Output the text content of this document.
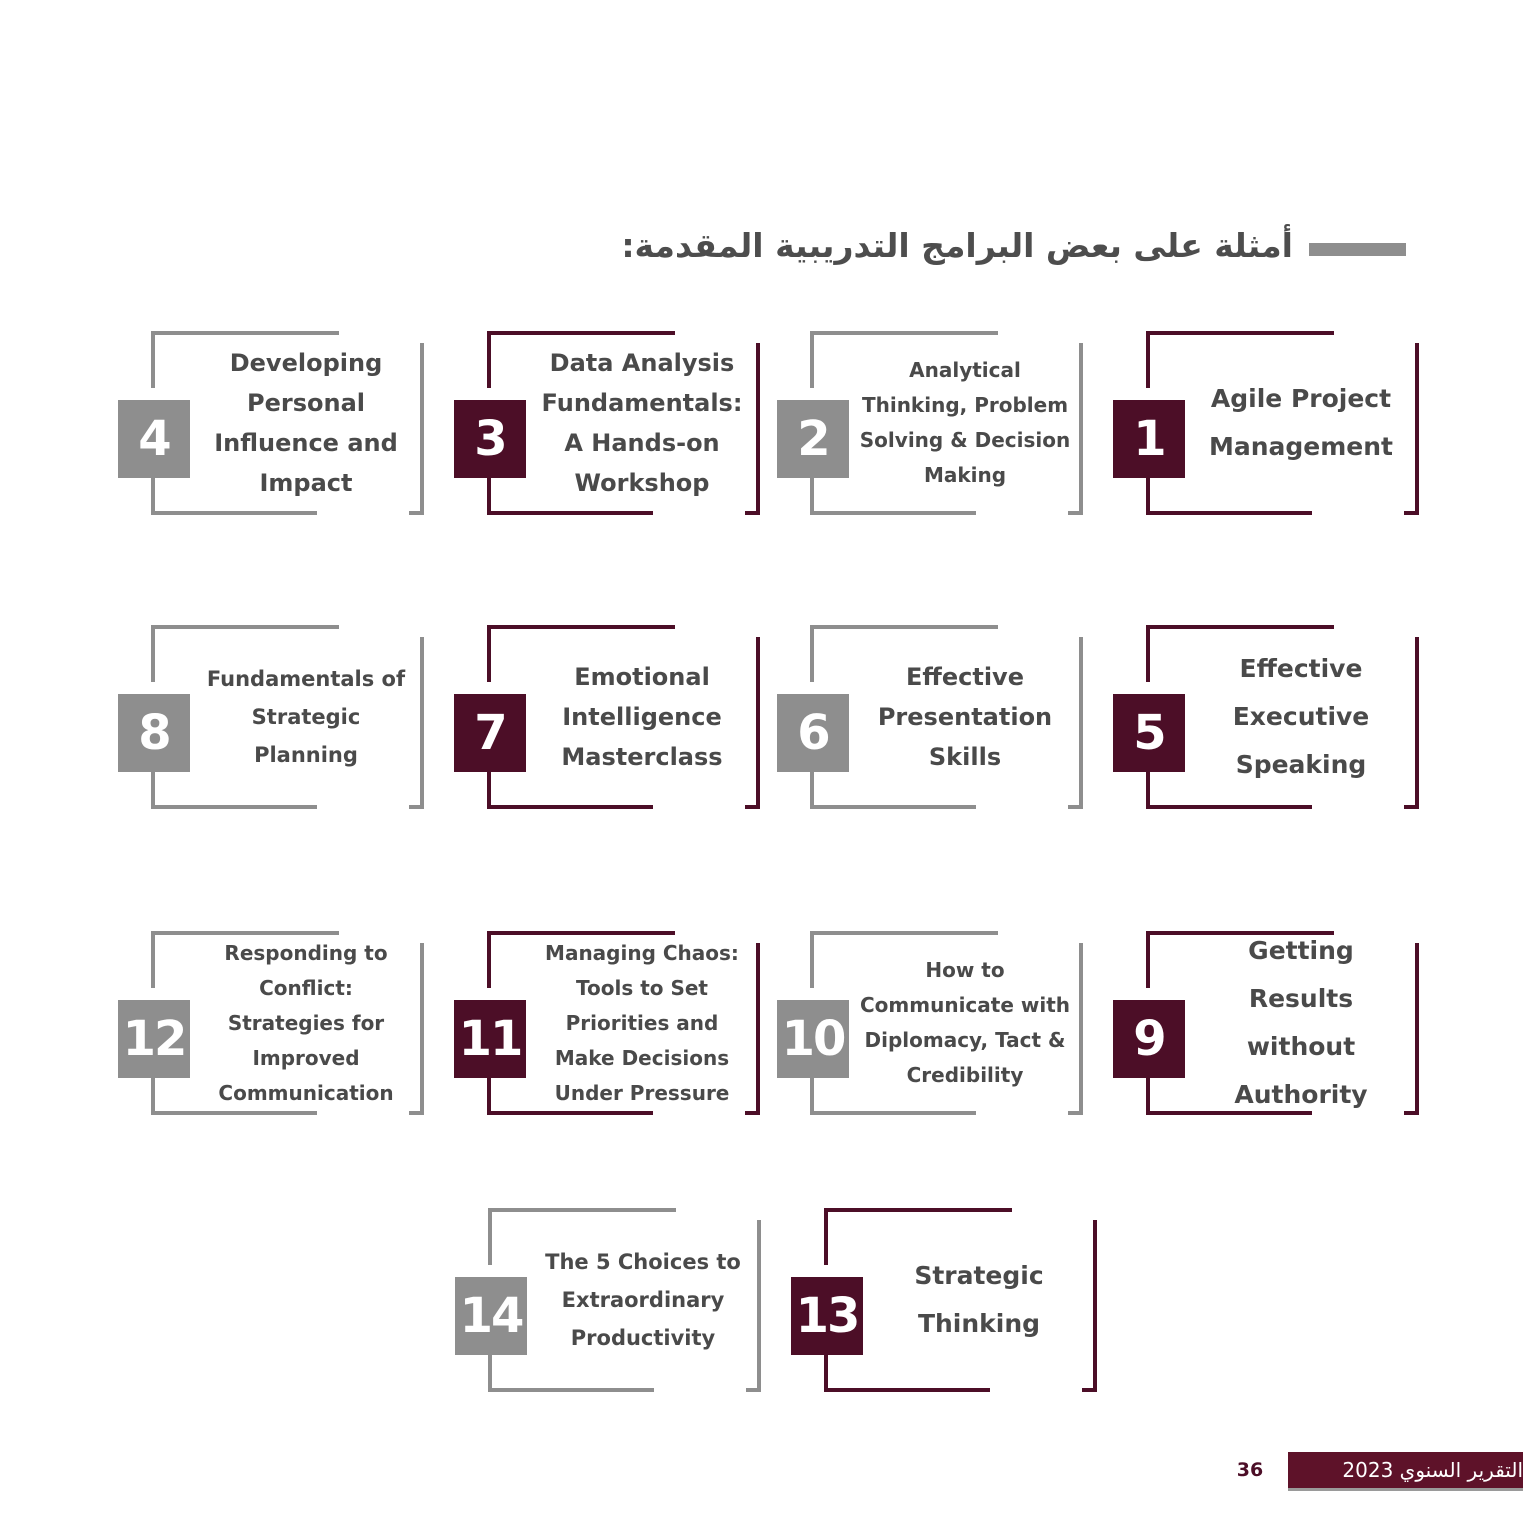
أمثلة على بعض البرامج التدريبية المقدمة:
1
Agile Project Management
2
Analytical Thinking, Problem Solving & Decision Making
3
Data Analysis Fundamentals: A Hands-on Workshop
4
Developing Personal Influence and Impact
5
Effective Executive Speaking
6
Effective Presentation Skills
7
Emotional Intelligence Masterclass
8
Fundamentals of Strategic Planning
9
Getting Results without Authority
10
How to Communicate with Diplomacy, Tact & Credibility
11
Managing Chaos: Tools to Set Priorities and Make Decisions Under Pressure
12
Responding to Conflict: Strategies for Improved Communication
13
Strategic Thinking
14
The 5 Choices to Extraordinary Productivity
36	التقرير السنوي 2023
